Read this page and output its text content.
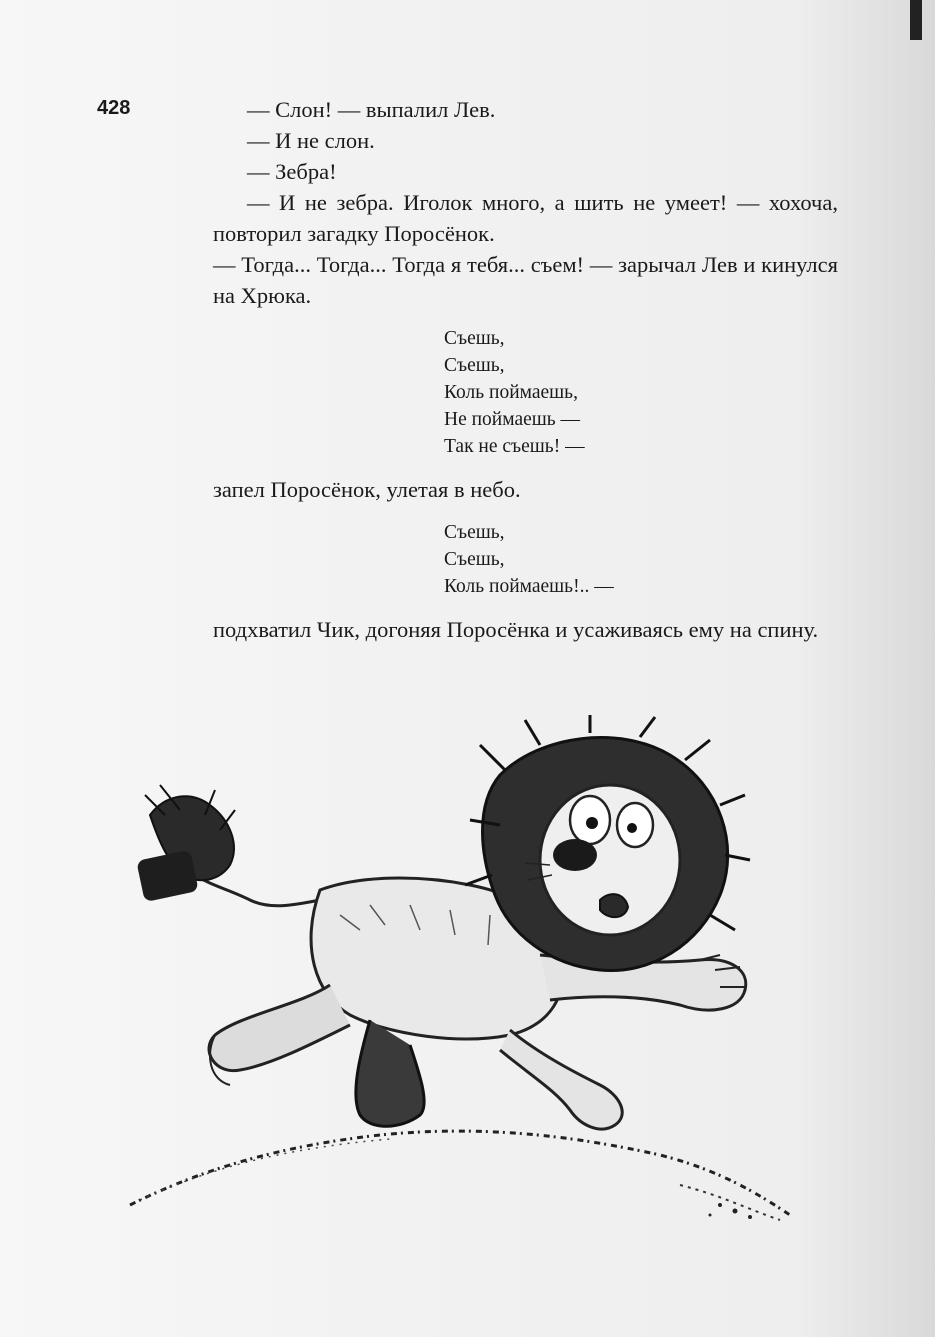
428	— Слон! — выпалил Лев.

— И не слон.

— Зебра!

— И не зебра. Иголок много, а шить не умеет! — хохоча, повторил загадку Поросёнок.

— Тогда... Тогда... Тогда я тебя... съем! — зарычал Лев и кинулся на Хрюка.

Съешь,
Съешь,
Коль поймаешь,
Не поймаешь —
Так не съешь! —

запел Поросёнок, улетая в небо.

Съешь,
Съешь,
Коль поймаешь!.. —

подхватил Чик, догоняя Поросёнка и усаживаясь ему на спину.
